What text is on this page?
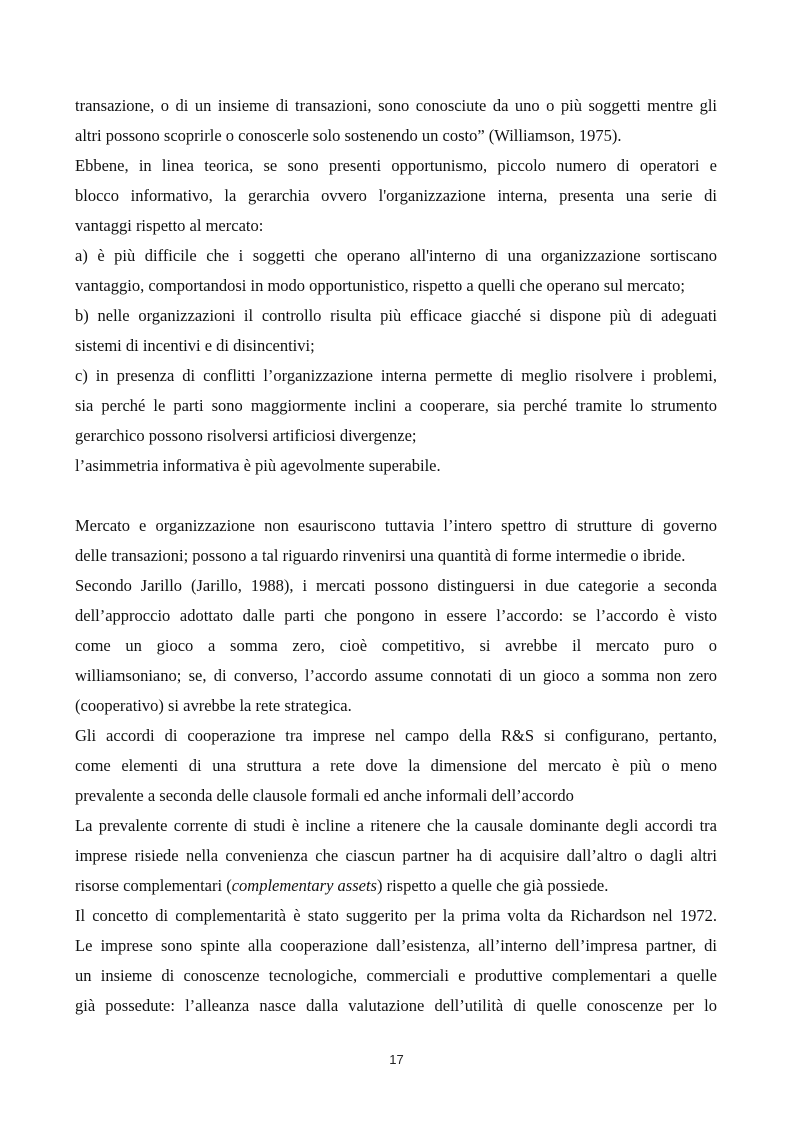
transazione, o di un insieme di transazioni, sono conosciute da uno o più soggetti mentre gli
altri possono scoprirle o conoscerle solo sostenendo un costo” (Williamson, 1975).
Ebbene, in linea teorica, se sono presenti opportunismo, piccolo numero di operatori e
blocco informativo, la gerarchia ovvero l'organizzazione interna, presenta una serie di
vantaggi rispetto al mercato:
a) è più difficile che i soggetti che operano all'interno di una organizzazione sortiscano
vantaggio, comportandosi in modo opportunistico, rispetto a quelli che operano sul mercato;
b) nelle organizzazioni il controllo risulta più efficace giacché si dispone più di adeguati
sistemi di incentivi e di disincentivi;
c) in presenza di conflitti l’organizzazione interna permette di meglio risolvere i problemi,
sia perché le parti sono maggiormente inclini a cooperare, sia perché tramite lo strumento
gerarchico possono risolversi artificiosi divergenze;
l’asimmetria informativa è più agevolmente superabile.
Mercato e organizzazione non esauriscono tuttavia l’intero spettro di strutture di governo
delle transazioni; possono a tal riguardo rinvenirsi una quantità di forme intermedie o ibride.
Secondo Jarillo (Jarillo, 1988), i mercati possono distinguersi in due categorie a seconda
dell’approccio adottato dalle parti che pongono in essere l’accordo: se l’accordo è visto
come un gioco a somma zero, cioè competitivo, si avrebbe il mercato puro o
williamsoniano; se, di converso, l’accordo assume connotati di un gioco a somma non zero
(cooperativo) si avrebbe la rete strategica.
Gli accordi di cooperazione tra imprese nel campo della R&S si configurano, pertanto,
come elementi di una struttura a rete dove la dimensione del mercato è più o meno
prevalente a seconda delle clausole formali ed anche informali dell’accordo
La prevalente corrente di studi è incline a ritenere che la causale dominante degli accordi tra
imprese risiede nella convenienza che ciascun partner ha di acquisire dall’altro o dagli altri
risorse complementari (complementary assets) rispetto a quelle che già possiede.
Il concetto di complementarità è stato suggerito per la prima volta da Richardson nel 1972.
Le imprese sono spinte alla cooperazione dall’esistenza, all’interno dell’impresa partner, di
un insieme di conoscenze tecnologiche, commerciali e produttive complementari a quelle
già possedute: l’alleanza nasce dalla valutazione dell’utilità di quelle conoscenze per lo
17
